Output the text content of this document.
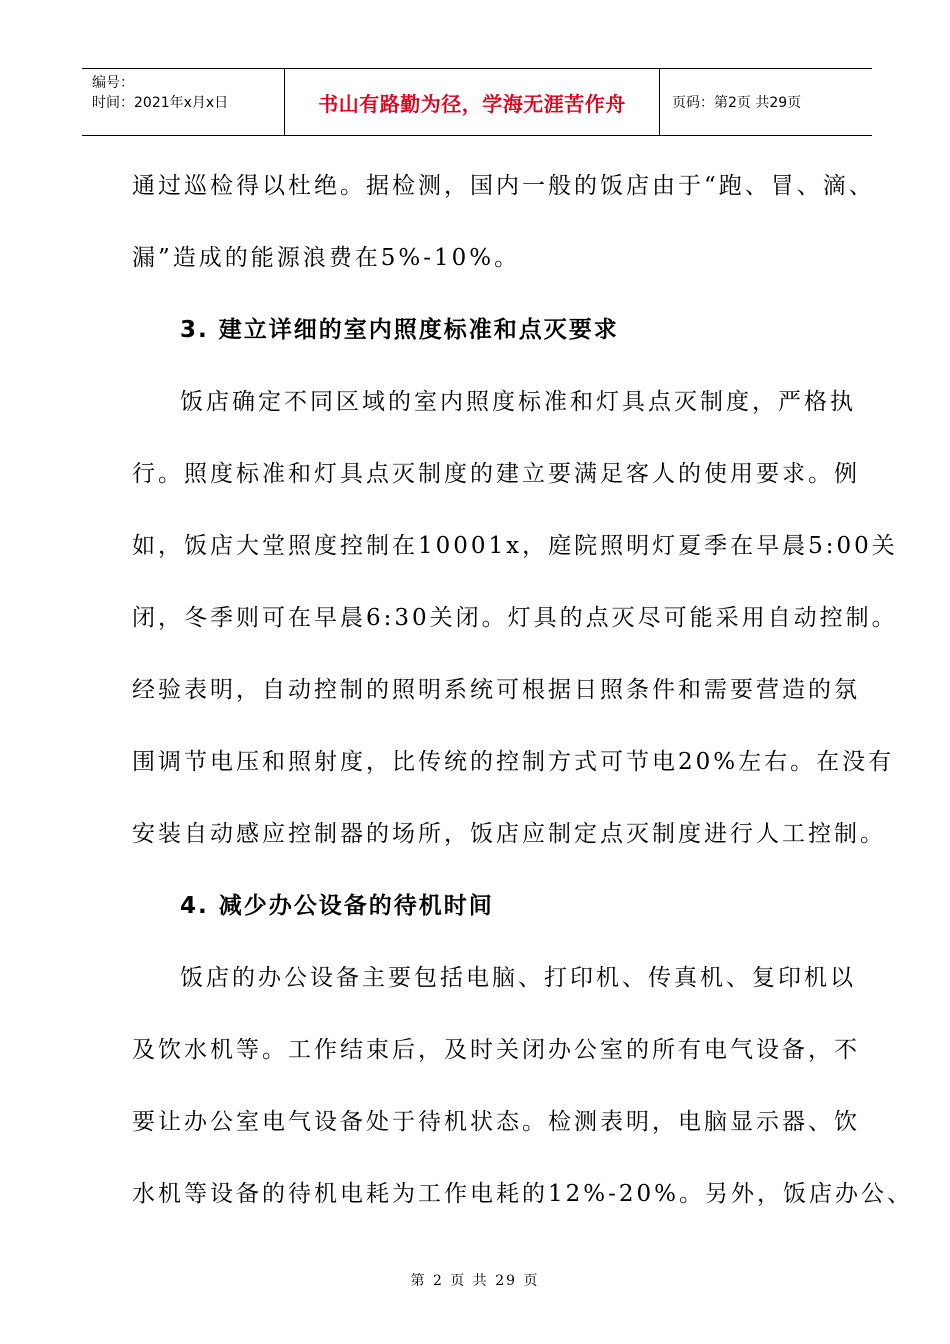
编号：
时间：2021年x月x日	书山有路勤为径，学海无涯苦作舟	页码：第2页 共29页
通过巡检得以杜绝。据检测，国内一般的饭店由于“跑、冒、滴、
漏”造成的能源浪费在5%-10%。
3. 建立详细的室内照度标准和点灭要求
饭店确定不同区域的室内照度标准和灯具点灭制度，严格执
行。照度标准和灯具点灭制度的建立要满足客人的使用要求。例
如，饭店大堂照度控制在10001x，庭院照明灯夏季在早晨5:00关
闭，冬季则可在早晨6:30关闭。灯具的点灭尽可能采用自动控制。
经验表明，自动控制的照明系统可根据日照条件和需要营造的氛
围调节电压和照射度，比传统的控制方式可节电20%左右。在没有
安装自动感应控制器的场所，饭店应制定点灭制度进行人工控制。
4. 减少办公设备的待机时间
饭店的办公设备主要包括电脑、打印机、传真机、复印机以
及饮水机等。工作结束后，及时关闭办公室的所有电气设备，不
要让办公室电气设备处于待机状态。检测表明，电脑显示器、饮
水机等设备的待机电耗为工作电耗的12%-20%。另外，饭店办公、
第 2 页 共 29 页
